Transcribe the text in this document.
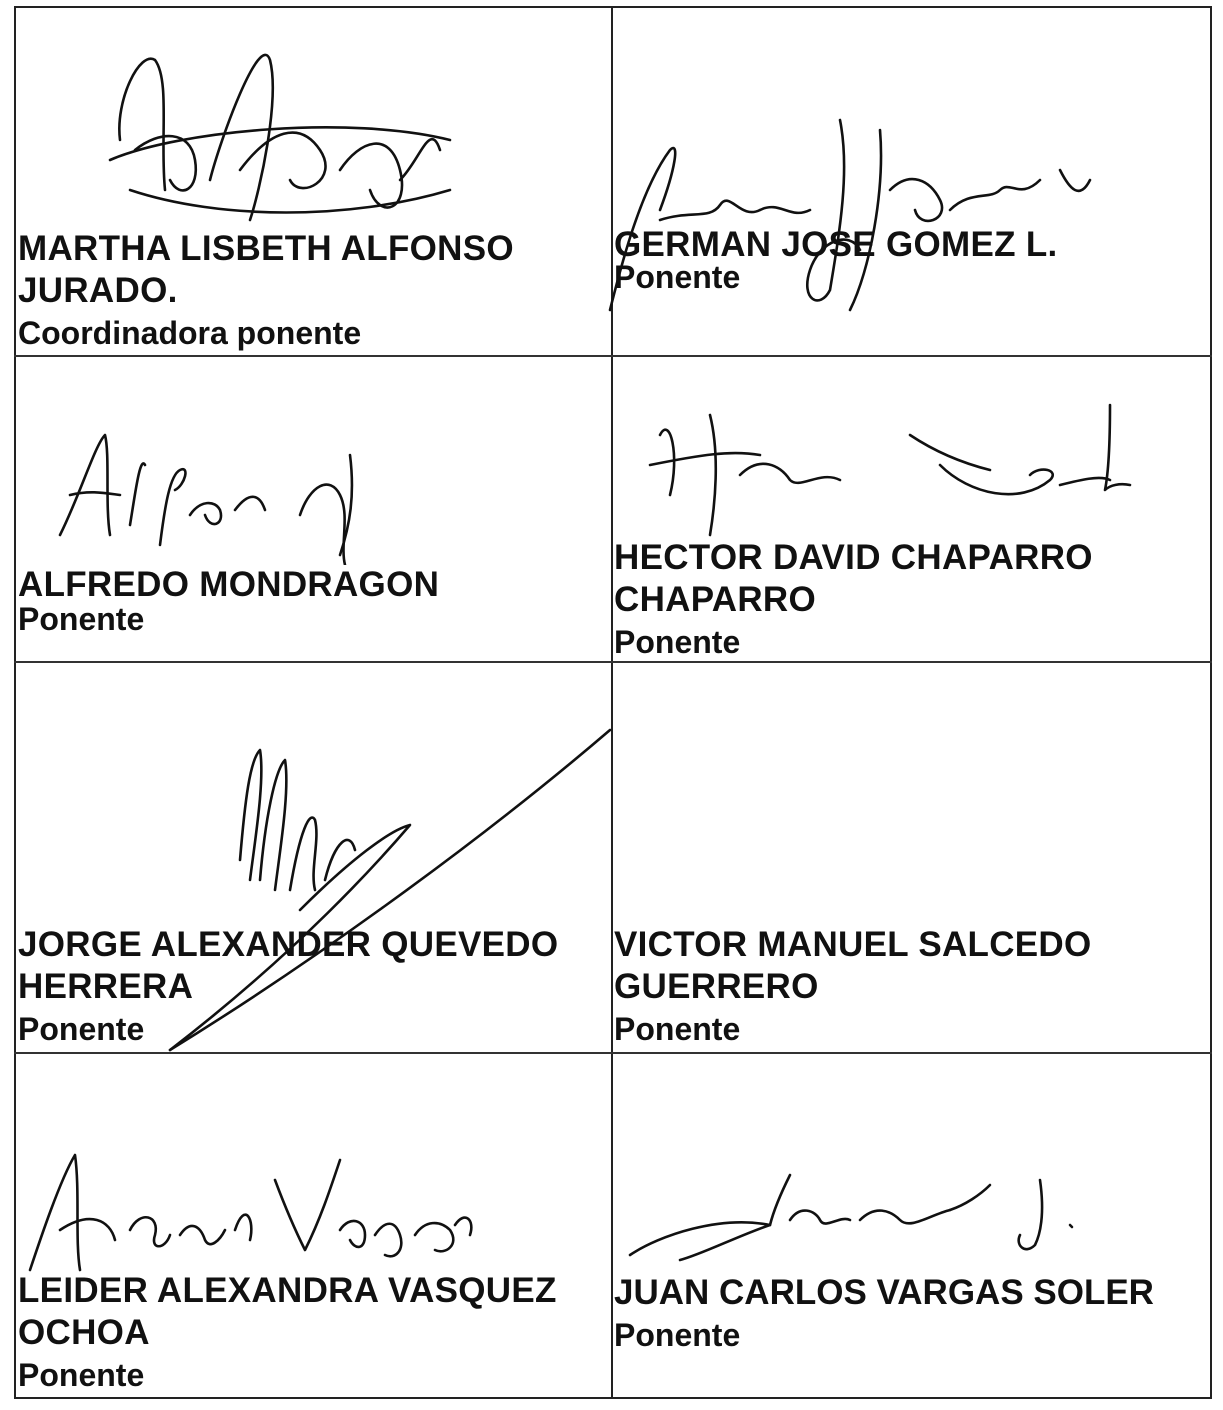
MARTHA LISBETH ALFONSO JURADO.
Coordinadora ponente
GERMAN JOSE GOMEZ L.
Ponente
ALFREDO MONDRAGON
Ponente
HECTOR DAVID CHAPARRO CHAPARRO
Ponente
JORGE ALEXANDER QUEVEDO HERRERA
Ponente
VICTOR MANUEL SALCEDO GUERRERO
Ponente
LEIDER ALEXANDRA VASQUEZ OCHOA
Ponente
JUAN CARLOS VARGAS SOLER
Ponente
